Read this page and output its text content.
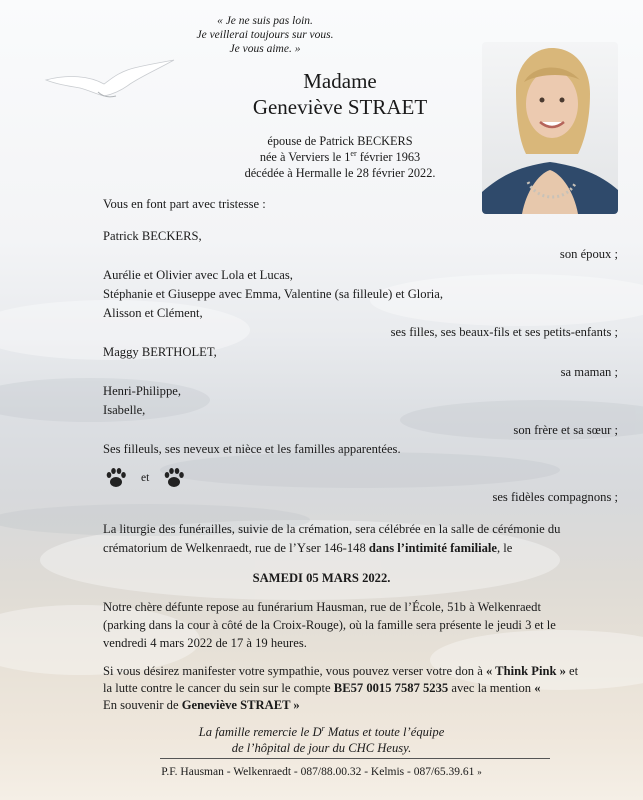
« Je ne suis pas loin.
Je veillerai toujours sur vous.
Je vous aime. »
Madame
Geneviève STRAET
épouse de Patrick BECKERS
née à Verviers le 1er février 1963
décédée à Hermalle le 28 février 2022.
Vous en font part avec tristesse :
Patrick BECKERS,
son époux ;
Aurélie et Olivier avec Lola et Lucas,
Stéphanie et Giuseppe avec Emma, Valentine (sa filleule) et Gloria,
Alisson et Clément,
ses filles, ses beaux-fils et ses petits-enfants ;
Maggy BERTHOLET,
sa maman ;
Henri-Philippe,
Isabelle,
son frère et sa sœur ;
Ses filleuls, ses neveux et nièce et les familles apparentées.
et
ses fidèles compagnons ;
La liturgie des funérailles, suivie de la crémation, sera célébrée en la salle de cérémonie du
crématorium de Welkenraedt, rue de l’Yser 146-148 dans l’intimité familiale, le
SAMEDI 05 MARS 2022.
Notre chère défunte repose au funérarium Hausman, rue de l’École, 51b à Welkenraedt
(parking dans la cour à côté de la Croix-Rouge), où la famille sera présente le jeudi 3 et le
vendredi 4 mars 2022 de 17 à 19 heures.
Si vous désirez manifester votre sympathie, vous pouvez verser votre don à « Think Pink » et
la lutte contre le cancer du sein sur le compte BE57 0015 7587 5235 avec la mention «
En souvenir de Geneviève STRAET »
La famille remercie le $D^r$ Matus et toute l’équipe
de l’hôpital de jour du CHC Heusy.
P.F. Hausman - Welkenraedt - 087/88.00.32 - Kelmis - 087/65.39.61 »
